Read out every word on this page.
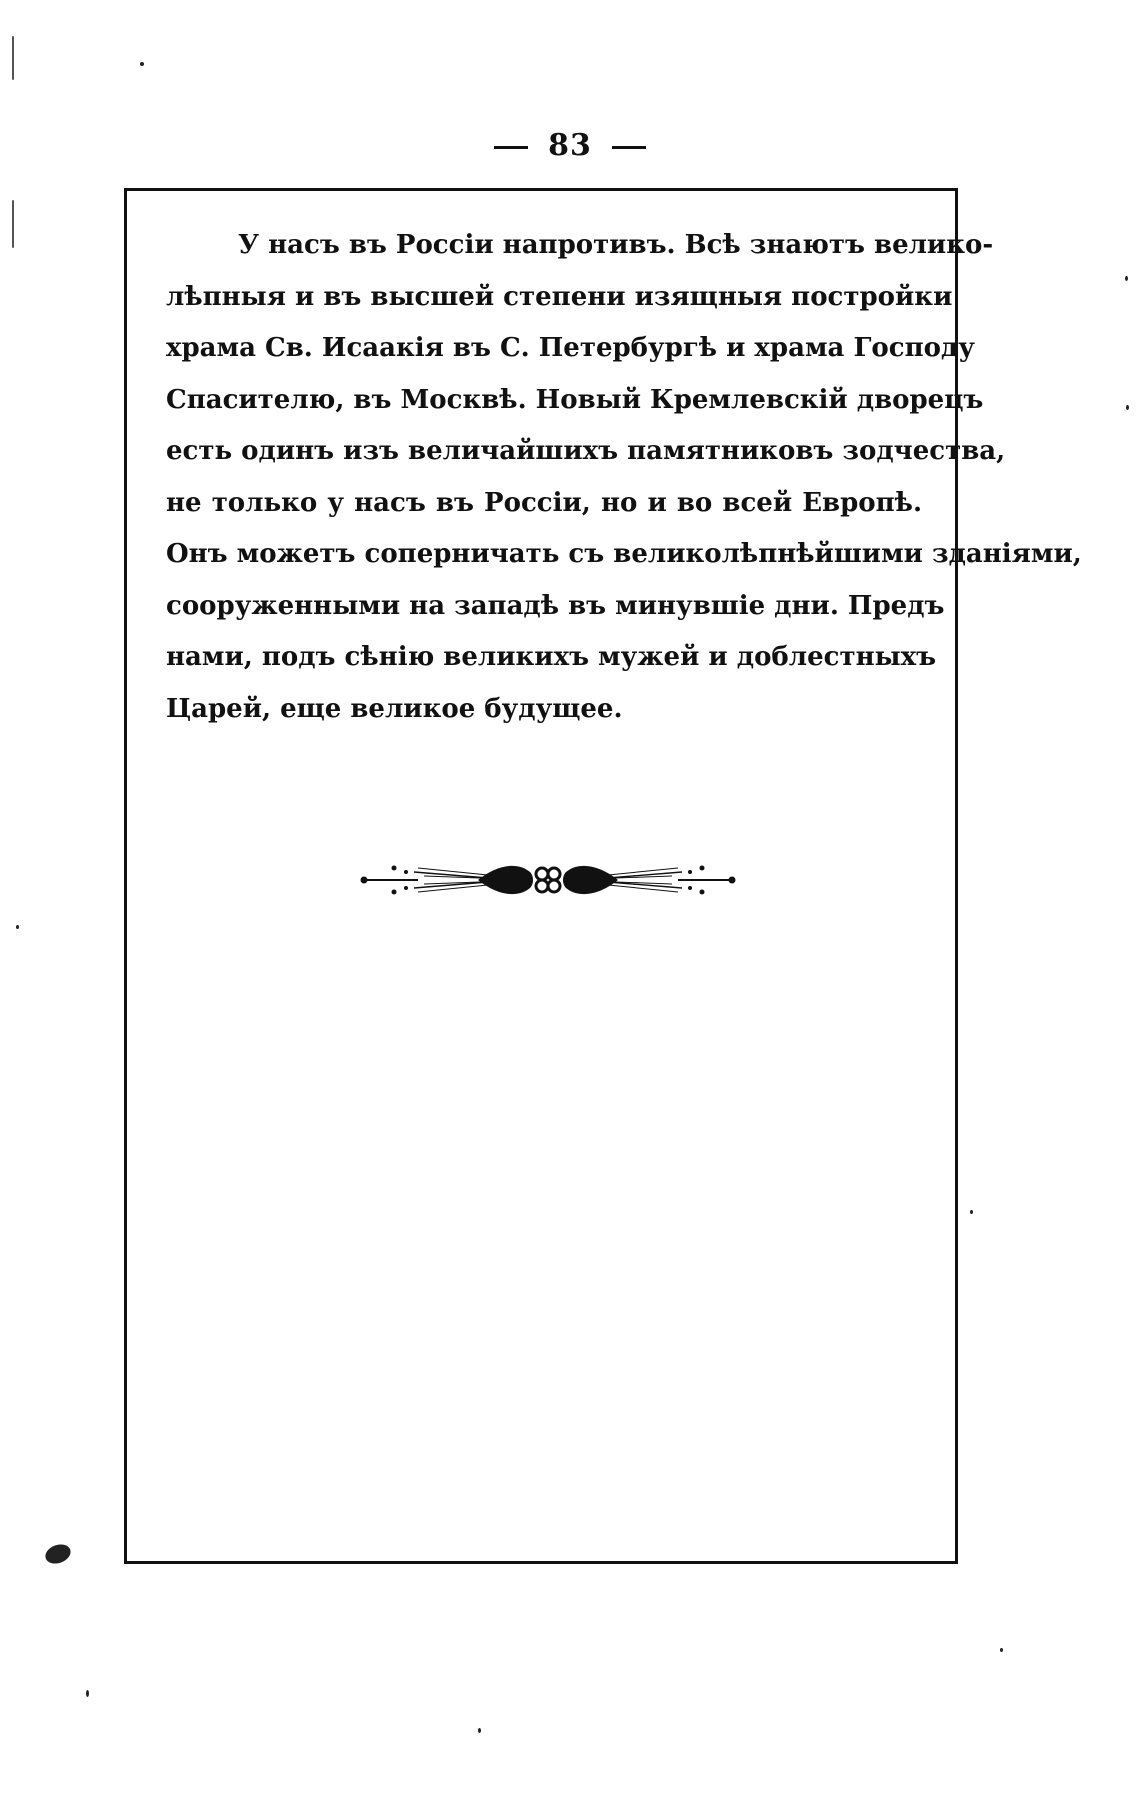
83
У насъ въ Россіи напротивъ. Всѣ знаютъ велико-
лѣпныя и въ высшей степени изящныя постройки
храма Св. Исаакія въ С. Петербургѣ и храма Господу
Спасителю, въ Москвѣ. Новый Кремлевскій дворецъ
есть одинъ изъ величайшихъ памятниковъ зодчества,
не только у насъ въ Россіи, но и во всей Европѣ.
Онъ можетъ соперничать съ великолѣпнѣйшими зданіями,
сооруженными на западѣ въ минувшіе дни. Предъ
нами, подъ сѣнію великихъ мужей и доблестныхъ
Царей, еще великое будущее.
